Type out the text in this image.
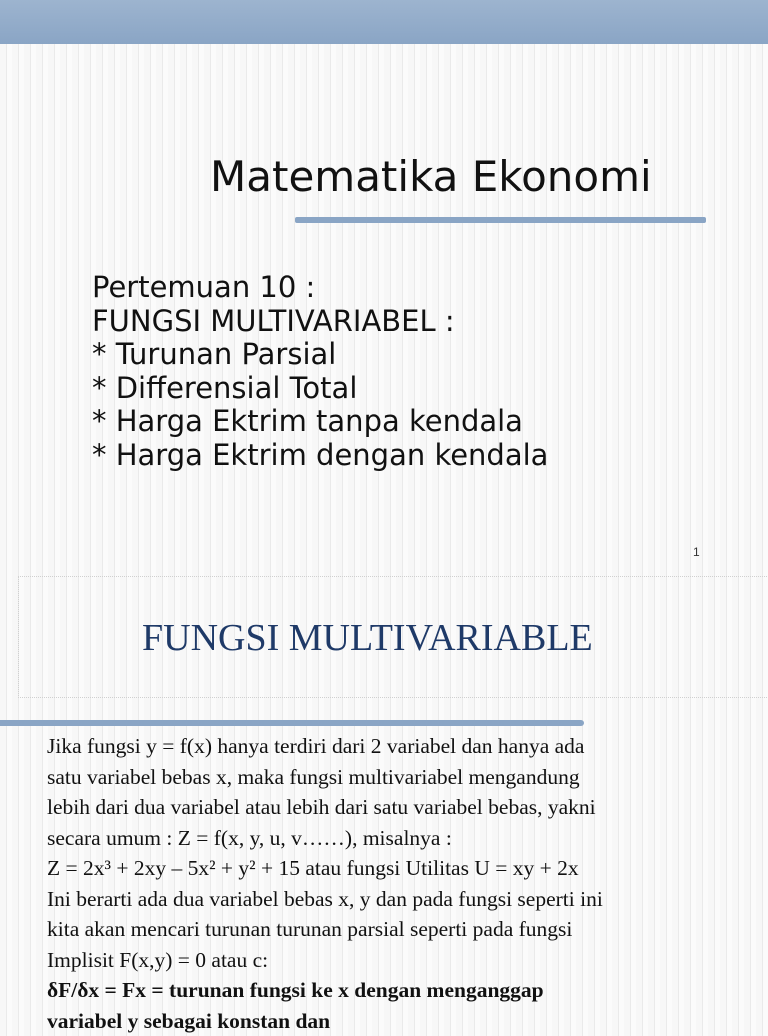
Matematika Ekonomi
Pertemuan 10 :
FUNGSI MULTIVARIABEL :
* Turunan Parsial
* Differensial Total
* Harga Ektrim tanpa kendala
* Harga Ektrim dengan kendala
1
FUNGSI MULTIVARIABLE
Jika fungsi y = f(x) hanya terdiri dari 2 variabel dan hanya ada
satu variabel bebas x, maka fungsi multivariabel mengandung
lebih dari dua variabel atau lebih dari satu variabel bebas, yakni
secara umum : Z = f(x, y, u, v……), misalnya :
Z = 2x³ + 2xy – 5x² + y² + 15 atau fungsi Utilitas U = xy + 2x
Ini berarti ada dua variabel bebas x, y dan pada fungsi seperti ini
kita akan mencari turunan turunan parsial seperti pada fungsi
Implisit F(x,y) = 0 atau c:
δF/δx = Fx = turunan fungsi ke x dengan menganggap
variabel y sebagai konstan dan
